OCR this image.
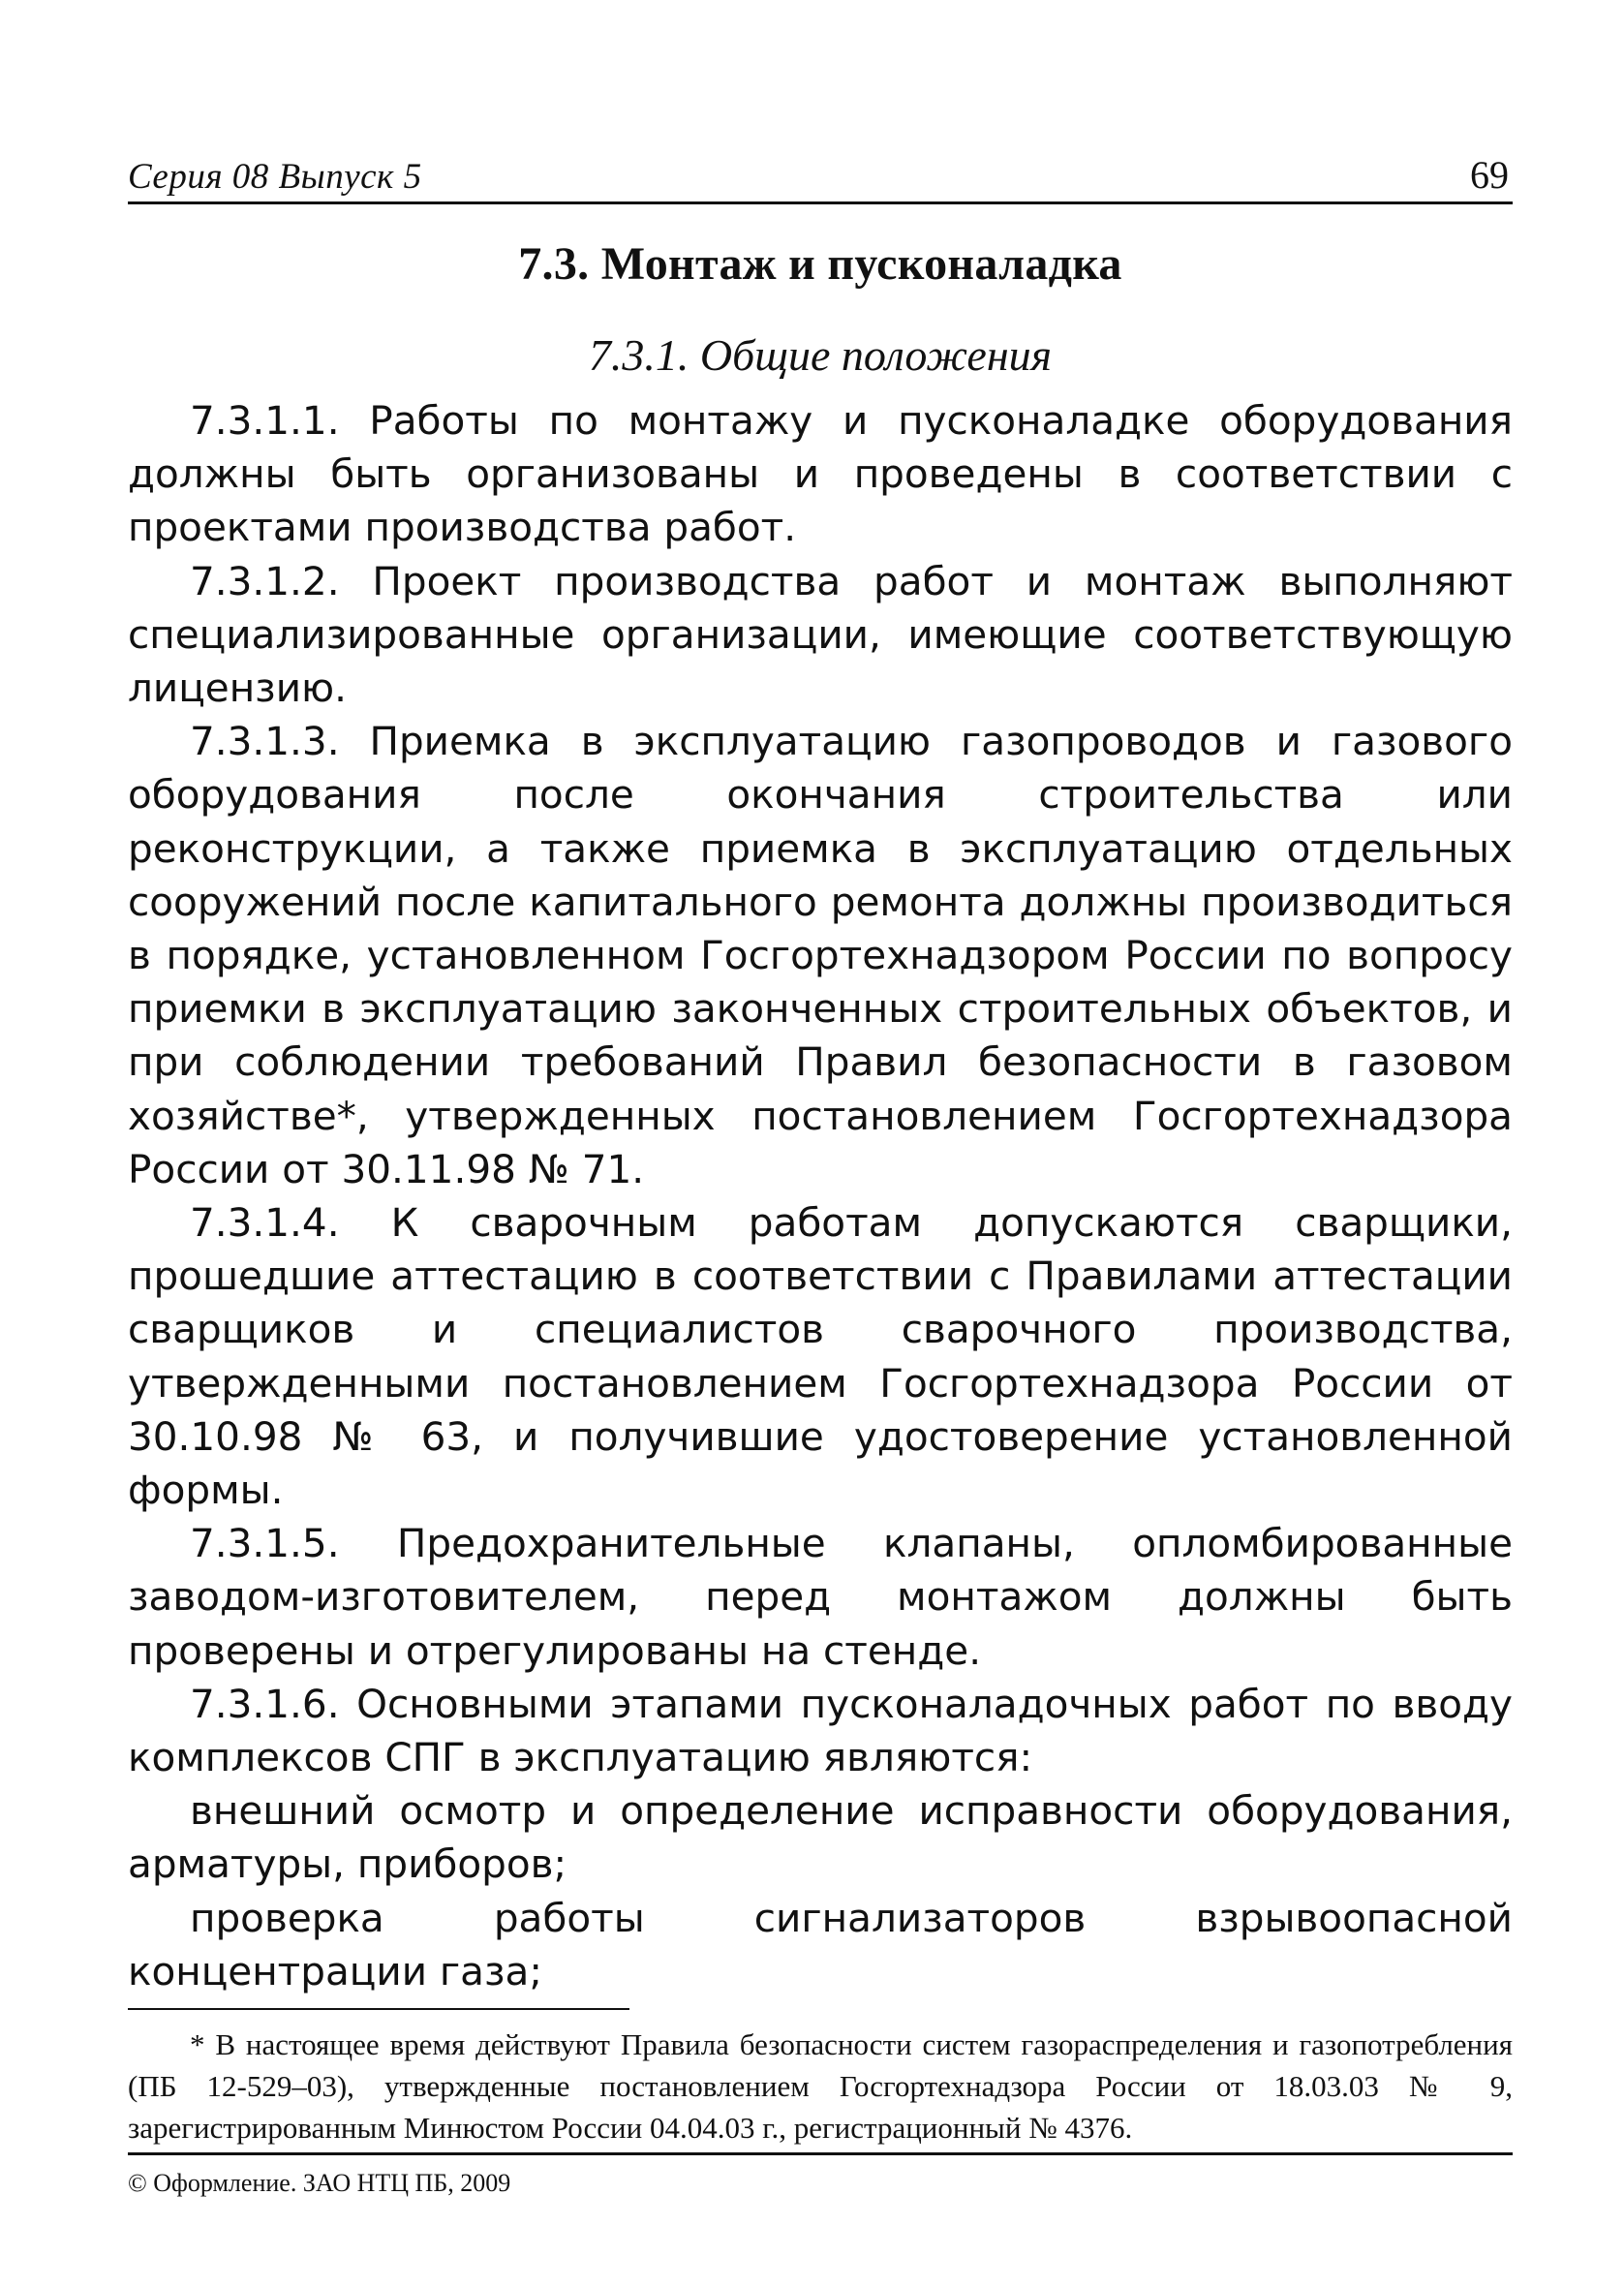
Серия 08 Выпуск 5	69
7.3. Монтаж и пусконаладка
7.3.1. Общие положения

7.3.1.1. Работы по монтажу и пусконаладке оборудования должны быть организованы и проведены в соответствии с проектами производства работ.

7.3.1.2. Проект производства работ и монтаж выполняют специализированные организации, имеющие соответствующую лицензию.

7.3.1.3. Приемка в эксплуатацию газопроводов и газового оборудования после окончания строительства или реконструкции, а также приемка в эксплуатацию отдельных сооружений после капитального ремонта должны производиться в порядке, установленном Госгортехнадзором России по вопросу приемки в эксплуатацию законченных строительных объектов, и при соблюдении требований Правил безопасности в газовом хозяйстве*, утвержденных постановлением Госгортехнадзора России от 30.11.98 № 71.

7.3.1.4. К сварочным работам допускаются сварщики, прошедшие аттестацию в соответствии с Правилами аттестации сварщиков и специалистов сварочного производства, утвержденными постановлением Госгортехнадзора России от 30.10.98 № 63, и получившие удостоверение установленной формы.

7.3.1.5. Предохранительные клапаны, опломбированные заводом-изготовителем, перед монтажом должны быть проверены и отрегулированы на стенде.

7.3.1.6. Основными этапами пусконаладочных работ по вводу комплексов СПГ в эксплуатацию являются:

внешний осмотр и определение исправности оборудования, арматуры, приборов;

проверка работы сигнализаторов взрывоопасной концентрации газа;

* В настоящее время действуют Правила безопасности систем газораспределения и газопотребления (ПБ 12-529–03), утвержденные постановлением Госгортехнадзора России от 18.03.03 № 9, зарегистрированным Минюстом России 04.04.03 г., регистрационный № 4376.
© Оформление. ЗАО НТЦ ПБ, 2009
